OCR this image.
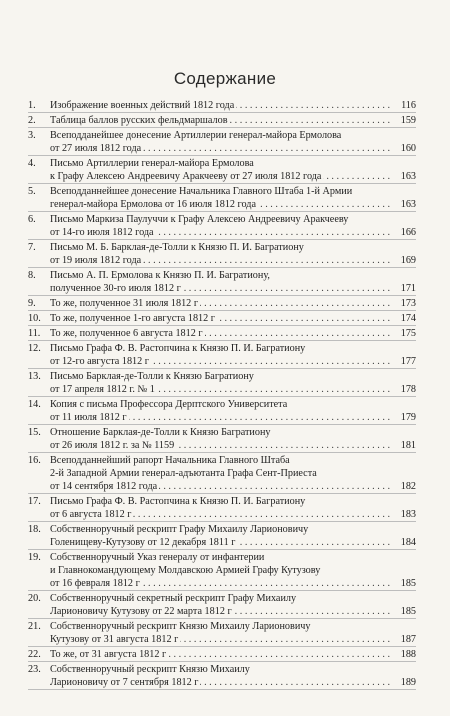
Содержание
1. . . .	Изображение военных действий 1812 года	116
2. . . .	Таблица баллов русских фельдмаршалов	159
3.	Всеподданейшее донесение Артиллерии генерал-майора Ермолова
. . .
от 27 июля 1812 года	160
4.	Письмо Артиллерии генерал-майора Ермолова
. . .
к Графу Алексею Андреевичу Аракчееву от 27 июля 1812 года	163
5.	Всеподданнейшее донесение Начальника Главного Штаба 1-й Армии
. . .
генерал-майора Ермолова от 16 июля 1812 года	163
6.	Письмо Маркиза Паулуччи к Графу Алексею Андреевичу Аракчееву
. . .
от 14-го июля 1812 года	166
7.	Письмо М. Б. Барклая-де-Толли к Князю П. И. Багратиону
. . .
от 19 июля 1812 года	169
8.	Письмо А. П. Ермолова к Князю П. И. Багратиону,
. . .
полученное 30-го июля 1812 г	171
9. . . .	То же, полученное 31 июля 1812 г	173
10. . . . То же, полученное 1-го августа 1812 г	174
11. . . . То же, полученное 6 августа 1812 г	175
12. Письмо Графа Ф. В. Растопчина к Князю П. И. Багратиону
. . .
от 12-го августа 1812 г	177
13. Письмо Барклая-де-Толли к Князю Багратиону
. . .
от 17 апреля 1812 г. № 1	178
14. Копия с письма Профессора Дерптского Университета
. . .
от 11 июля 1812 г	179
15. Отношение Барклая-де-Толли к Князю Багратиону
. . .
от 26 июля 1812 г. за № 1159	181
16. Всеподданнейший рапорт Начальника Главного Штаба
2-й Западной Армии генерал-адъютанта Графа Сент-Приеста
. . .
от 14 сентября 1812 года	182
17. Письмо Графа Ф. В. Растопчина к Князю П. И. Багратиону
. . .
от 6 августа 1812 г	183
18. Собственноручный рескрипт Графу Михаилу Ларионовичу
. . .
Голенищеву-Кутузову от 12 декабря 1811 г	184
19. Собственноручный Указ генералу от инфантерии
и Главнокомандующему Молдавскою Армией Графу Кутузову
. . .
от 16 февраля 1812 г	185
20. Собственноручный секретный рескрипт Графу Михаилу
. . .
Ларионовичу Кутузову от 22 марта 1812 г	185
21. Собственноручный рескрипт Князю Михаилу Ларионовичу
. . .
Кутузову от 31 августа 1812 г	187
22. . . . То же, от 31 августа 1812 г	188
23. Собственноручный рескрипт Князю Михаилу
. . .
Ларионовичу от 7 сентября 1812 г	189
